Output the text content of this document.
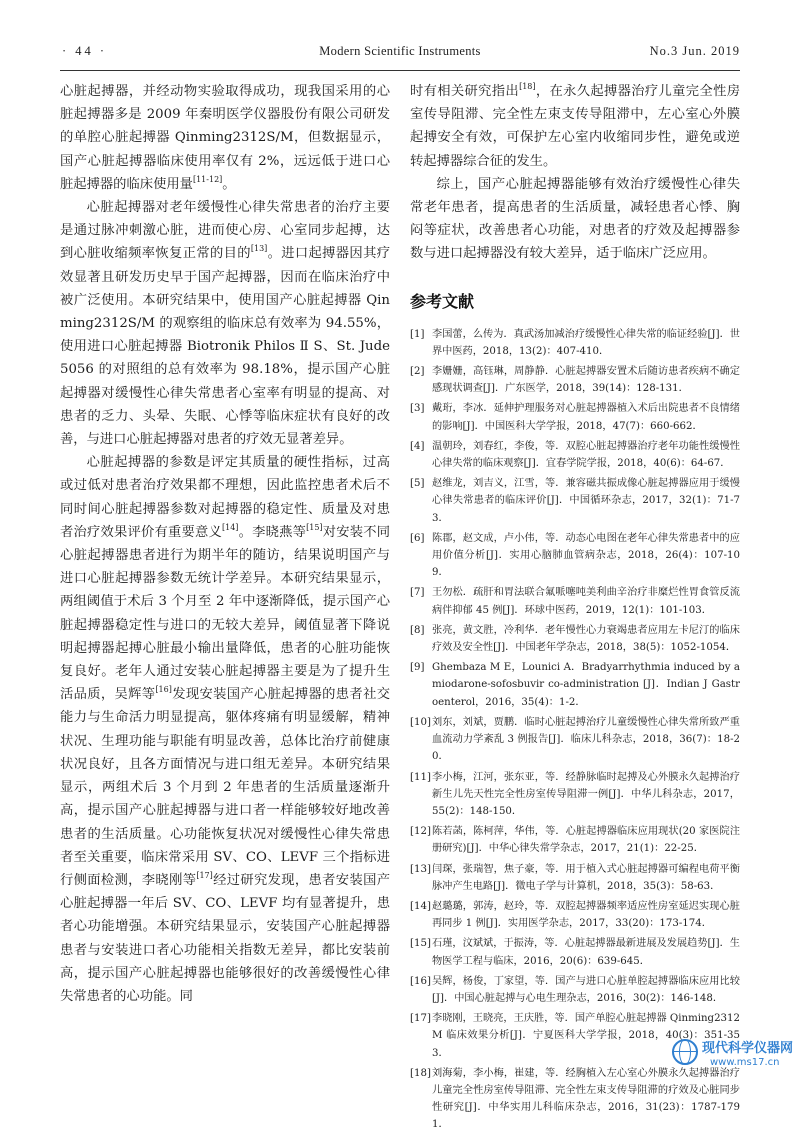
· 44 ·	Modern Scientific Instruments	No.3 Jun. 2019

心脏起搏器，并经动物实验取得成功，现我国采用的心脏起搏器多是 2009 年秦明医学仪器股份有限公司研发的单腔心脏起搏器 Qinming2312S/M，但数据显示，国产心脏起搏器临床使用率仅有 2%，远远低于进口心脏起搏器的临床使用量[11-12]。

心脏起搏器对老年缓慢性心律失常患者的治疗主要是通过脉冲刺激心脏，进而使心房、心室同步起搏，达到心脏收缩频率恢复正常的目的[13]。进口起搏器因其疗效显著且研发历史早于国产起搏器，因而在临床治疗中被广泛使用。本研究结果中，使用国产心脏起搏器 Qinming2312S/M 的观察组的临床总有效率为 94.55%，使用进口心脏起搏器 Biotronik Philos Ⅱ S、St. Jude 5056 的对照组的总有效率为 98.18%，提示国产心脏起搏器对缓慢性心律失常患者心室率有明显的提高、对患者的乏力、头晕、失眠、心悸等临床症状有良好的改善，与进口心脏起搏器对患者的疗效无显著差异。

心脏起搏器的参数是评定其质量的硬性指标，过高或过低对患者治疗效果都不理想，因此监控患者术后不同时间心脏起搏器参数对起搏器的稳定性、质量及对患者治疗效果评价有重要意义[14]。李晓燕等[15]对安装不同心脏起搏器患者进行为期半年的随访，结果说明国产与进口心脏起搏器参数无统计学差异。本研究结果显示，两组阈值于术后 3 个月至 2 年中逐渐降低，提示国产心脏起搏器稳定性与进口的无较大差异，阈值显著下降说明起搏器起搏心脏最小输出量降低，患者的心脏功能恢复良好。老年人通过安装心脏起搏器主要是为了提升生活品质，吴辉等[16]发现安装国产心脏起搏器的患者社交能力与生命活力明显提高，躯体疼痛有明显缓解，精神状况、生理功能与职能有明显改善，总体比治疗前健康状况良好，且各方面情况与进口组无差异。本研究结果显示，两组术后 3 个月到 2 年患者的生活质量逐渐升高，提示国产心脏起搏器与进口者一样能够较好地改善患者的生活质量。心功能恢复状况对缓慢性心律失常患者至关重要，临床常采用 SV、CO、LEVF 三个指标进行侧面检测，李晓刚等[17]经过研究发现，患者安装国产心脏起搏器一年后 SV、CO、LEVF 均有显著提升，患者心功能增强。本研究结果显示，安装国产心脏起搏器患者与安装进口者心功能相关指数无差异，都比安装前高，提示国产心脏起搏器也能够很好的改善缓慢性心律失常患者的心功能。同

时有相关研究指出[18]，在永久起搏器治疗儿童完全性房室传导阻滞、完全性左束支传导阻滞中，左心室心外膜起搏安全有效，可保护左心室内收缩同步性，避免或逆转起搏器综合征的发生。

综上，国产心脏起搏器能够有效治疗缓慢性心律失常老年患者，提高患者的生活质量，减轻患者心悸、胸闷等症状，改善患者心功能，对患者的疗效及起搏器参数与进口起搏器没有较大差异，适于临床广泛应用。

参考文献
[1] 李国蕾，么传为．真武汤加减治疗缓慢性心律失常的临证经验[J]．世界中医药，2018，13(2)：407-410．
[2] 李姗姗，高钰琳，周静静．心脏起搏器安置术后随访患者疾病不确定感现状调查[J]．广东医学，2018，39(14)：128-131．
[3] 戴珩，李冰．延伸护理服务对心脏起搏器植入术后出院患者不良情绪的影响[J]．中国医科大学学报，2018，47(7)：660-662．
[4] 温朝玲，刘春红，李俊，等．双腔心脏起搏器治疗老年功能性缓慢性心律失常的临床观察[J]．宜春学院学报，2018，40(6)：64-67．
[5] 赵维龙，刘吉义，江雪，等．兼容磁共振成像心脏起搏器应用于缓慢心律失常患者的临床评价[J]．中国循环杂志，2017，32(1)：71-73．
[6] 陈郡，赵文成，卢小伟，等．动态心电图在老年心律失常患者中的应用价值分析[J]．实用心脑肺血管病杂志，2018，26(4)：107-109．
[7] 王勿松．疏肝和胃法联合氟哌噻吨美利曲辛治疗非糜烂性胃食管反流病伴抑郁 45 例[J]．环球中医药，2019，12(1)：101-103．
[8] 张亮，黄文胜，冷利华．老年慢性心力衰竭患者应用左卡尼汀的临床疗效及安全性[J]．中国老年学杂志，2018，38(5)：1052-1054．
[9] Ghembaza M E，Lounici A．Bradyarrhythmia induced by amiodarone-sofosbuvir co-administration [J]．Indian J Gastroenterol，2016，35(4)：1-2．
[10] 刘东，刘斌，贾鹏．临时心脏起搏治疗儿童缓慢性心律失常所致严重血流动力学紊乱 3 例报告[J]．临床儿科杂志，2018，36(7)：18-20．
[11] 李小梅，江河，张东亚，等．经静脉临时起搏及心外膜永久起搏治疗新生儿先天性完全性房室传导阻滞一例[J]．中华儿科杂志，2017，55(2)：148-150．
[12] 陈若菡，陈柯萍，华伟，等．心脏起搏器临床应用现状(20 家医院注册研究)[J]．中华心律失常学杂志，2017，21(1)：22-25．
[13] 闫琛，张瑞智，焦子豪，等．用于植入式心脏起搏器可编程电荷平衡脉冲产生电路[J]．微电子学与计算机，2018，35(3)：58-63．
[14] 赵璐璐，郭涛，赵玲，等．双腔起搏器频率适应性房室延迟实现心脏再同步 1 例[J]．实用医学杂志，2017，33(20)：173-174．
[15] 石瑾，汶斌斌，于振涛，等．心脏起搏器最新进展及发展趋势[J]．生物医学工程与临床，2016，20(6)：639-645．
[16] 吴辉，杨俊，丁家望，等．国产与进口心脏单腔起搏器临床应用比较[J]．中国心脏起搏与心电生理杂志，2016，30(2)：146-148．
[17] 李晓刚，王晓亮，王庆胜，等．国产单腔心脏起搏器 Qinming2312M 临床效果分析[J]．宁夏医科大学学报，2018，40(3)：351-353．
[18] 刘海菊，李小梅，崔建，等．经胸植入左心室心外膜永久起搏器治疗儿童完全性房室传导阻滞、完全性左束支传导阻滞的疗效及心脏同步性研究[J]．中华实用儿科临床杂志，2016，31(23)：1787-1791．
现代科学仪器网
www.ms17.cn
